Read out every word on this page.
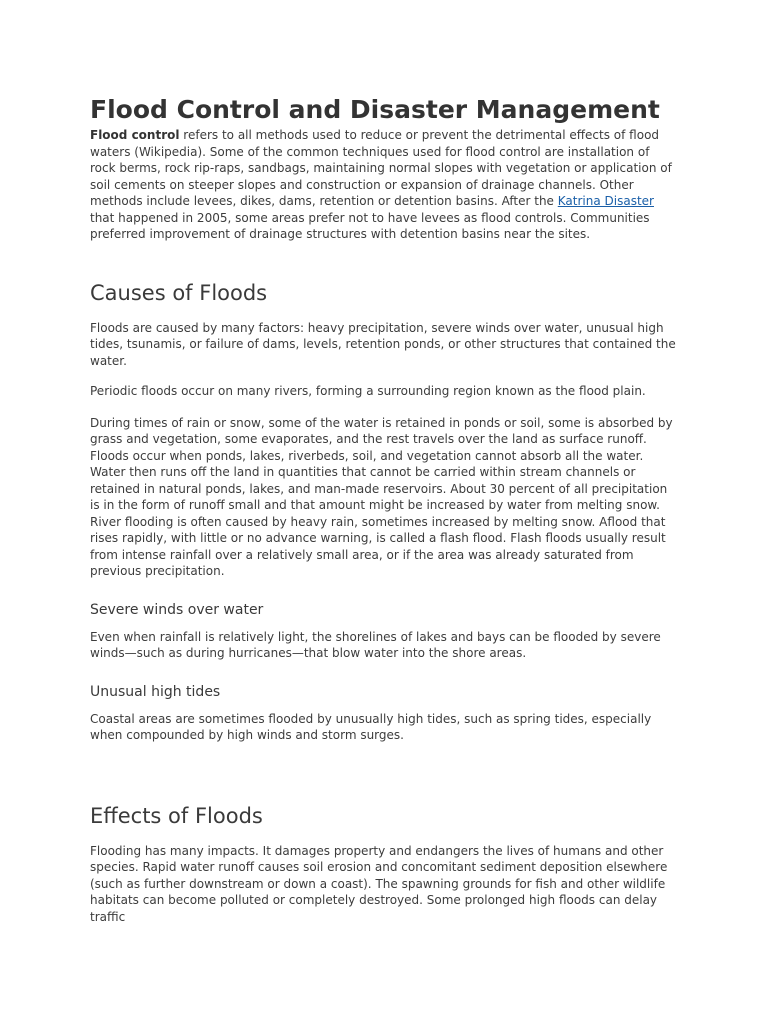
Flood Control and Disaster Management

Flood control refers to all methods used to reduce or prevent the detrimental effects of flood waters (Wikipedia). Some of the common techniques used for flood control are installation of rock berms, rock rip-raps, sandbags, maintaining normal slopes with vegetation or application of soil cements on steeper slopes and construction or expansion of drainage channels. Other methods include levees, dikes, dams, retention or detention basins. After the Katrina Disaster that happened in 2005, some areas prefer not to have levees as flood controls. Communities preferred improvement of drainage structures with detention basins near the sites.

Causes of Floods

Floods are caused by many factors: heavy precipitation, severe winds over water, unusual high tides, tsunamis, or failure of dams, levels, retention ponds, or other structures that contained the water.

Periodic floods occur on many rivers, forming a surrounding region known as the flood plain.

During times of rain or snow, some of the water is retained in ponds or soil, some is absorbed by grass and vegetation, some evaporates, and the rest travels over the land as surface runoff. Floods occur when ponds, lakes, riverbeds, soil, and vegetation cannot absorb all the water. Water then runs off the land in quantities that cannot be carried within stream channels or retained in natural ponds, lakes, and man-made reservoirs. About 30 percent of all precipitation is in the form of runoff small and that amount might be increased by water from melting snow. River flooding is often caused by heavy rain, sometimes increased by melting snow. Aflood that rises rapidly, with little or no advance warning, is called a flash flood. Flash floods usually result from intense rainfall over a relatively small area, or if the area was already saturated from previous precipitation.

Severe winds over water

Even when rainfall is relatively light, the shorelines of lakes and bays can be flooded by severe winds—such as during hurricanes—that blow water into the shore areas.

Unusual high tides

Coastal areas are sometimes flooded by unusually high tides, such as spring tides, especially when compounded by high winds and storm surges.

Effects of Floods

Flooding has many impacts. It damages property and endangers the lives of humans and other species. Rapid water runoff causes soil erosion and concomitant sediment deposition elsewhere (such as further downstream or down a coast). The spawning grounds for fish and other wildlife habitats can become polluted or completely destroyed. Some prolonged high floods can delay traffic
